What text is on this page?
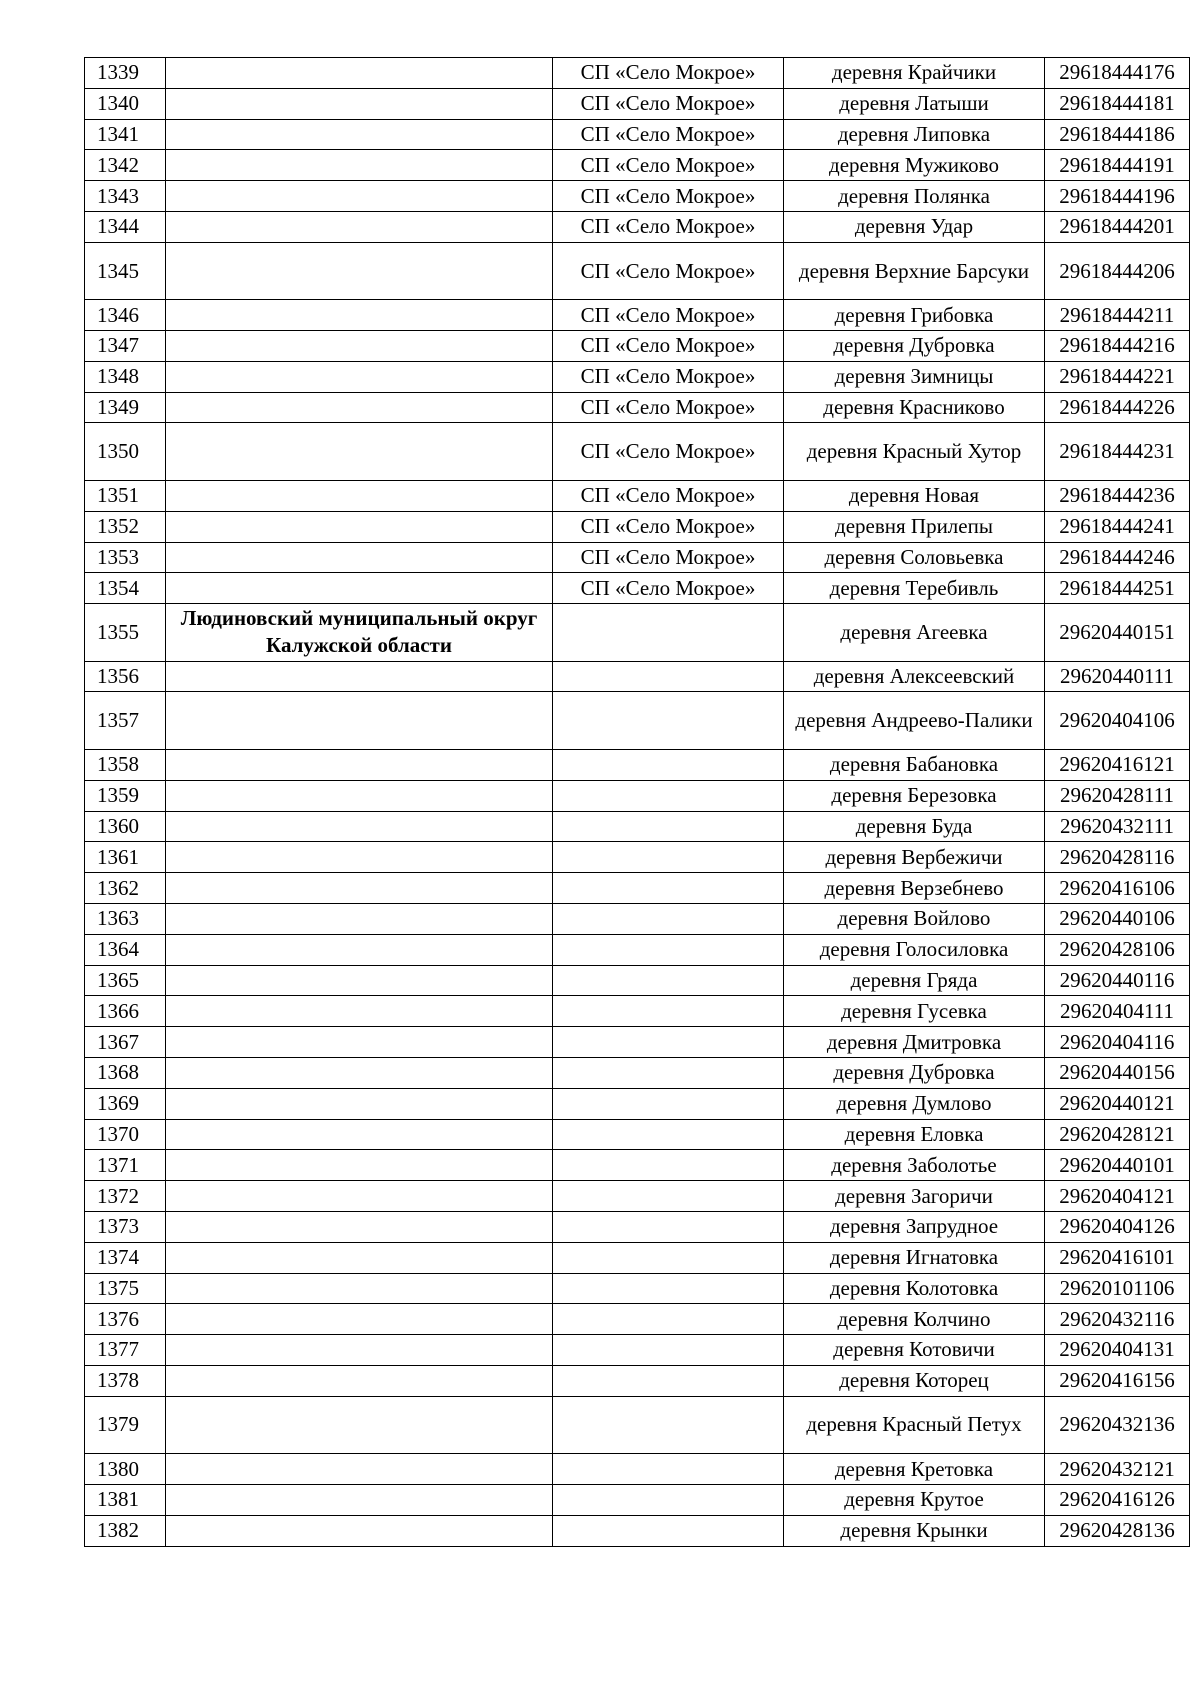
1339		СП «Село Мокрое»	деревня Крайчики	29618444176
1340		СП «Село Мокрое»	деревня Латыши	29618444181
1341		СП «Село Мокрое»	деревня Липовка	29618444186
1342		СП «Село Мокрое»	деревня Мужиково	29618444191
1343		СП «Село Мокрое»	деревня Полянка	29618444196
1344		СП «Село Мокрое»	деревня Удар	29618444201
1345		СП «Село Мокрое»	деревня Верхние Барсуки	29618444206
1346		СП «Село Мокрое»	деревня Грибовка	29618444211
1347		СП «Село Мокрое»	деревня Дубровка	29618444216
1348		СП «Село Мокрое»	деревня Зимницы	29618444221
1349		СП «Село Мокрое»	деревня Красниково	29618444226
1350		СП «Село Мокрое»	деревня Красный Хутор	29618444231
1351		СП «Село Мокрое»	деревня Новая	29618444236
1352		СП «Село Мокрое»	деревня Прилепы	29618444241
1353		СП «Село Мокрое»	деревня Соловьевка	29618444246
1354		СП «Село Мокрое»	деревня Теребивль	29618444251
1355	Людиновский муниципальный округ Калужской области		деревня Агеевка	29620440151
1356			деревня Алексеевский	29620440111
1357			деревня Андреево-Палики	29620404106
1358			деревня Бабановка	29620416121
1359			деревня Березовка	29620428111
1360			деревня Буда	29620432111
1361			деревня Вербежичи	29620428116
1362			деревня Верзебнево	29620416106
1363			деревня Войлово	29620440106
1364			деревня Голосиловка	29620428106
1365			деревня Гряда	29620440116
1366			деревня Гусевка	29620404111
1367			деревня Дмитровка	29620404116
1368			деревня Дубровка	29620440156
1369			деревня Думлово	29620440121
1370			деревня Еловка	29620428121
1371			деревня Заболотье	29620440101
1372			деревня Загоричи	29620404121
1373			деревня Запрудное	29620404126
1374			деревня Игнатовка	29620416101
1375			деревня Колотовка	29620101106
1376			деревня Колчино	29620432116
1377			деревня Котовичи	29620404131
1378			деревня Которец	29620416156
1379			деревня Красный Петух	29620432136
1380			деревня Кретовка	29620432121
1381			деревня Крутое	29620416126
1382			деревня Крынки	29620428136
